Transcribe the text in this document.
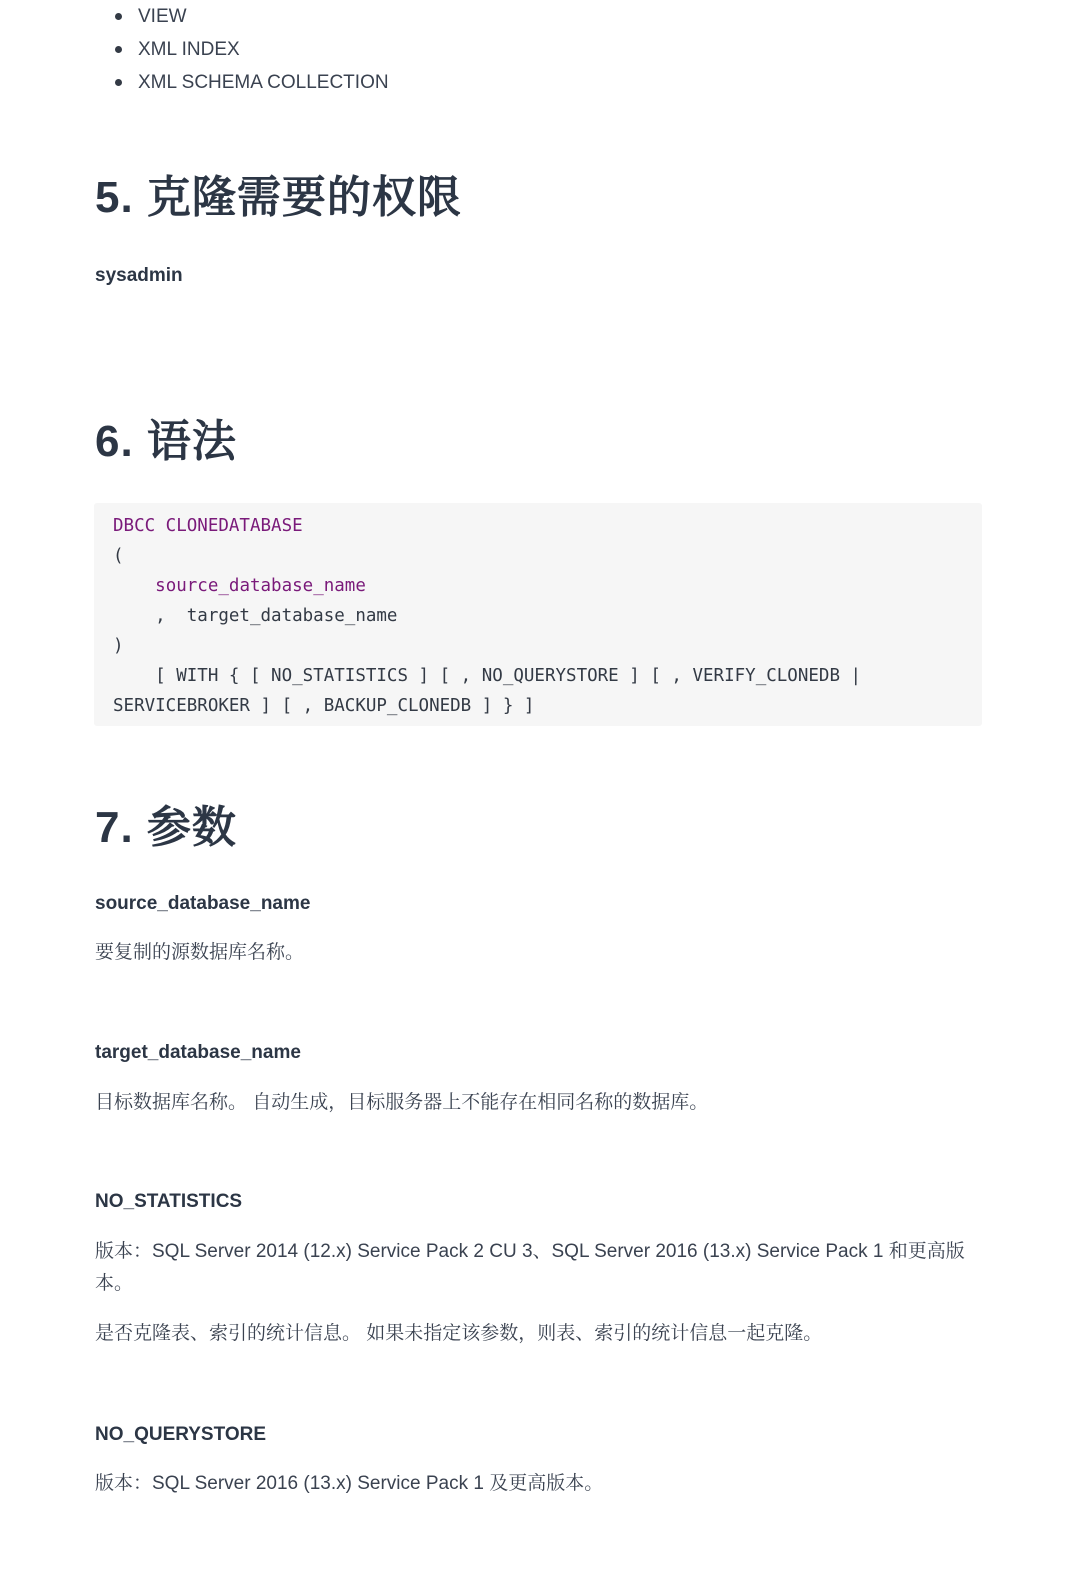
VIEW
XML INDEX
XML SCHEMA COLLECTION
5. 克隆需要的权限

sysadmin

6. 语法
DBCC CLONEDATABASE
(
source_database_name
,  target_database_name
)
[ WITH { [ NO_STATISTICS ] [ , NO_QUERYSTORE ] [ , VERIFY_CLONEDB |
SERVICEBROKER ] [ , BACKUP_CLONEDB ] } ]
7. 参数

source_database_name

要复制的源数据库名称。

target_database_name

目标数据库名称。 自动生成，目标服务器上不能存在相同名称的数据库。

NO_STATISTICS

版本：SQL Server 2014 (12.x) Service Pack 2 CU 3、SQL Server 2016 (13.x) Service Pack 1 和更高版本。

是否克隆表、索引的统计信息。 如果未指定该参数，则表、索引的统计信息一起克隆。

NO_QUERYSTORE

版本：SQL Server 2016 (13.x) Service Pack 1 及更高版本。
